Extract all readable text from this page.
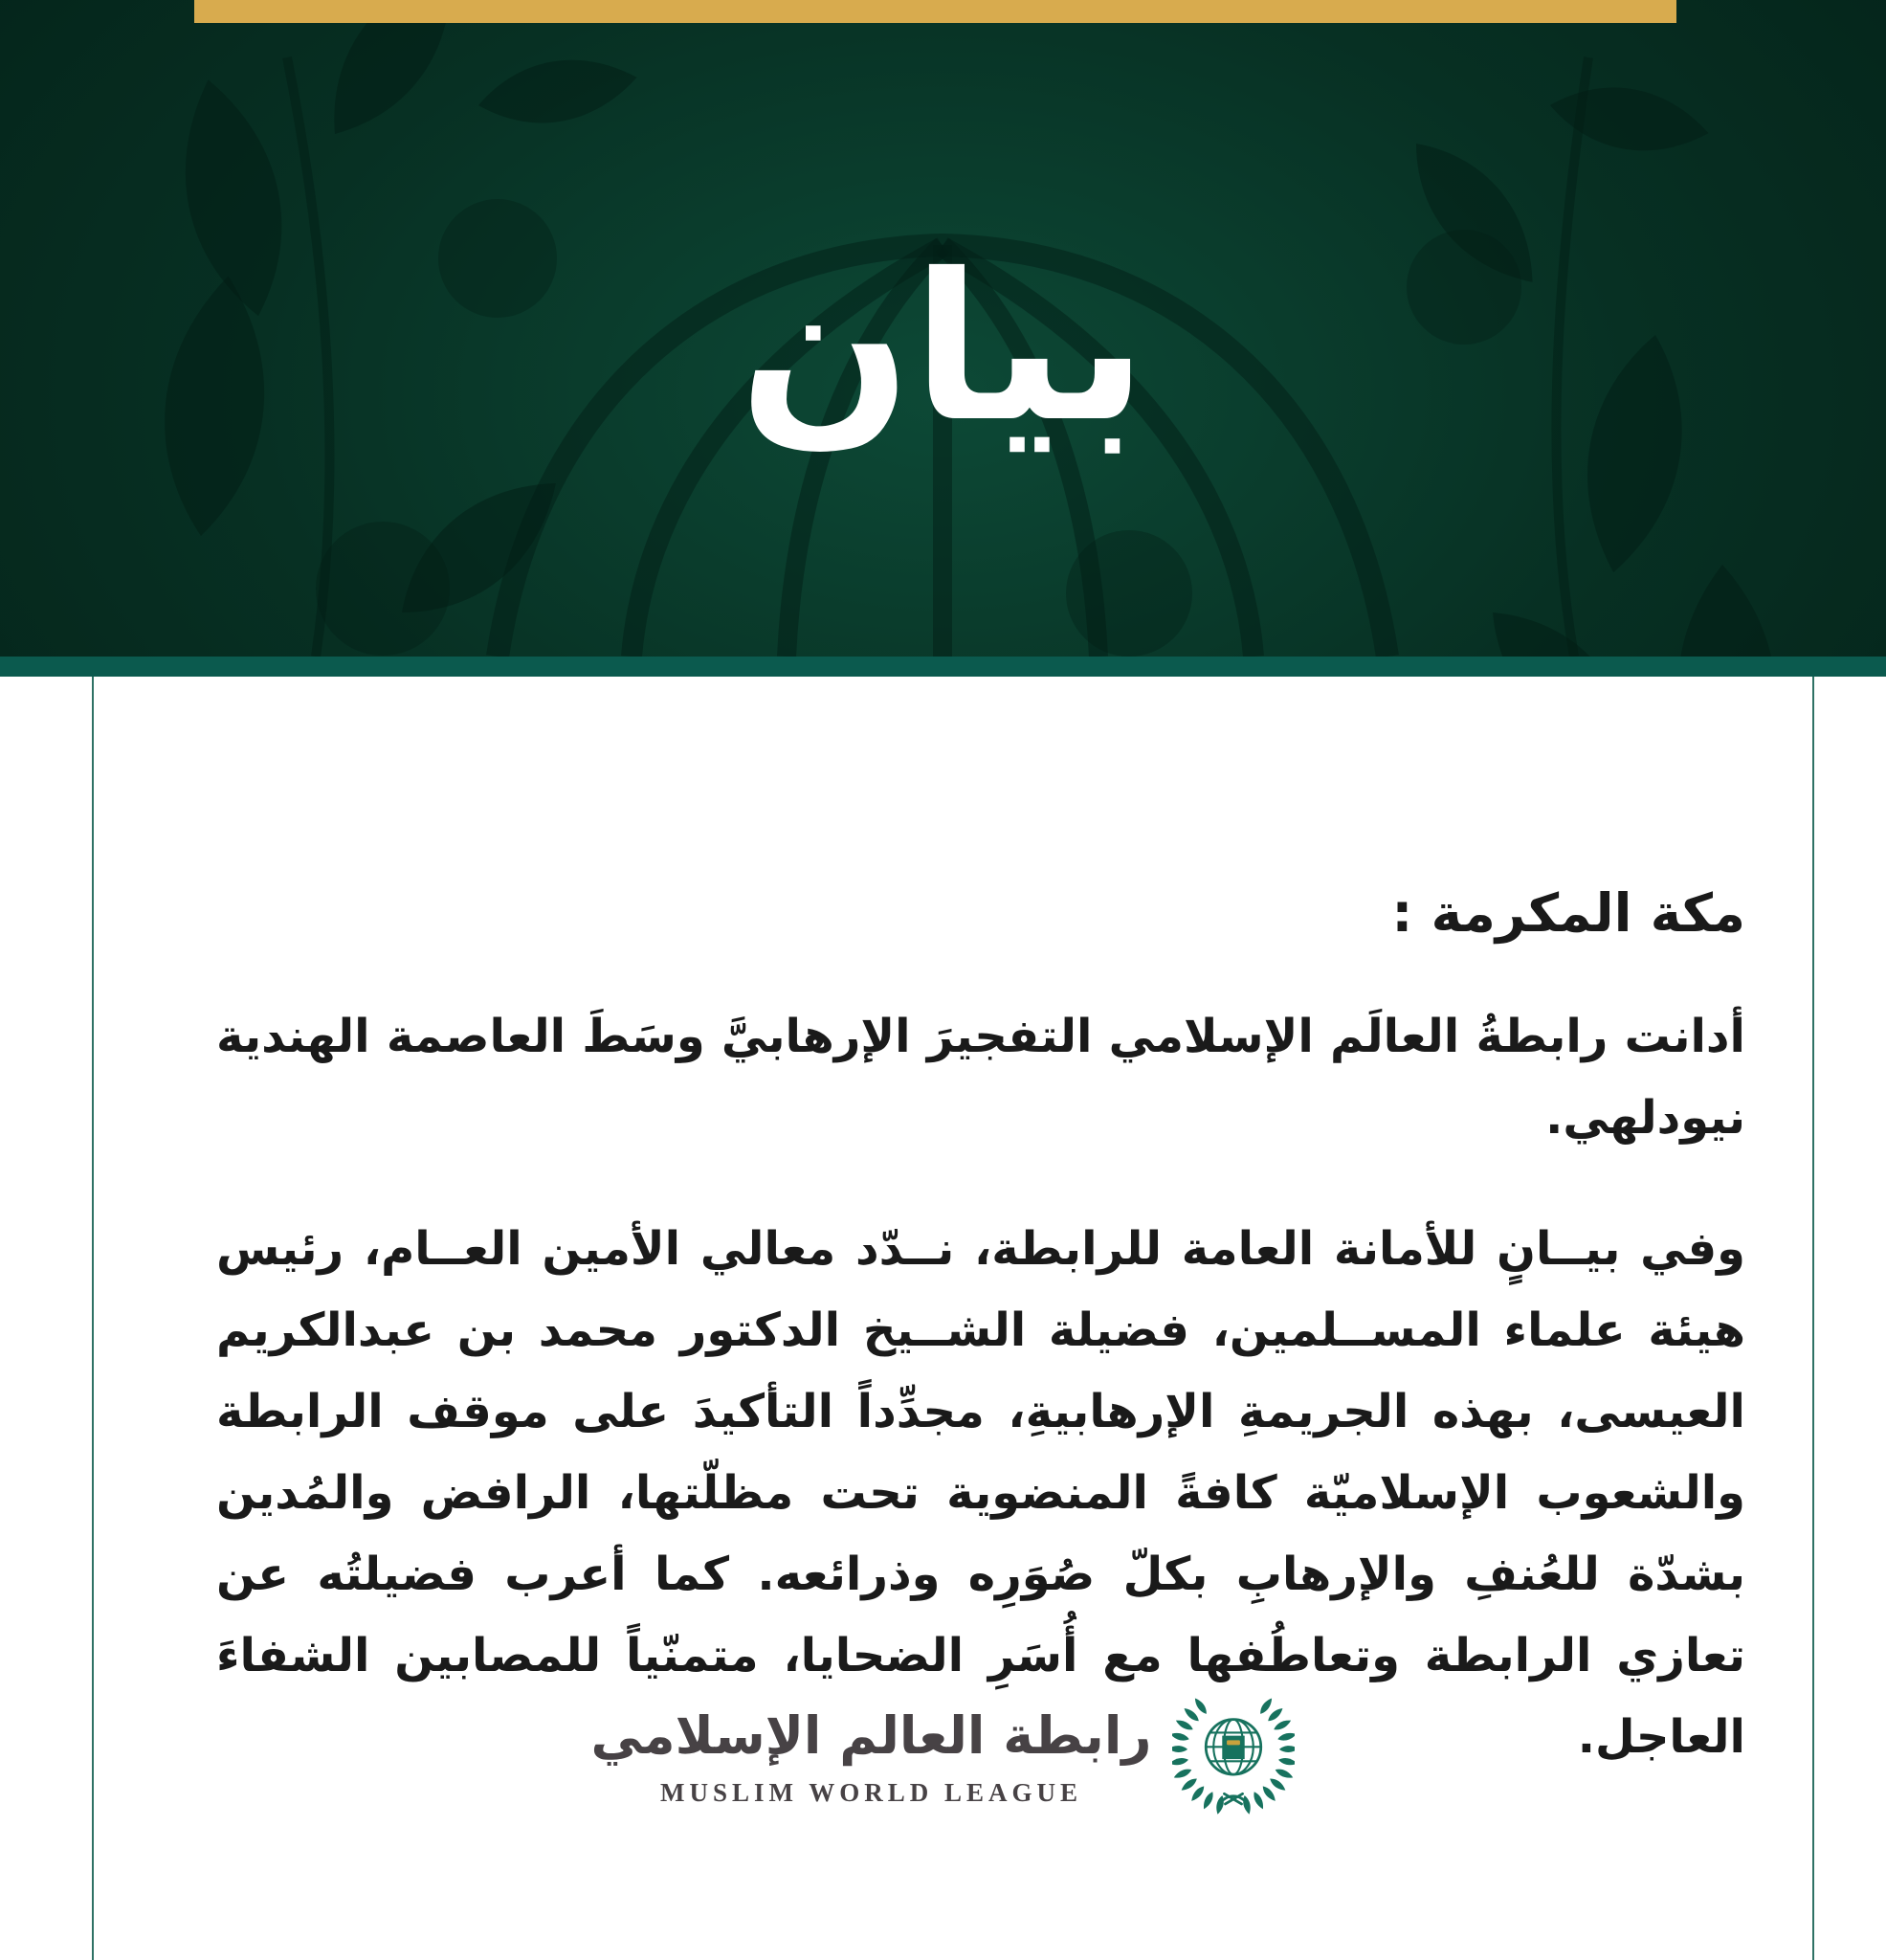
بيان
مكة المكرمة :

أدانت رابطةُ العالَم الإسلامي التفجيرَ الإرهابيَّ وسَطَ العاصمة الهندية نيودلهي.

وفي بيــانٍ للأمانة العامة للرابطة، نــدّد معالي الأمين العــام، رئيس هيئة علماء المســلمين، فضيلة الشــيخ الدكتور محمد بن عبدالكريم العيسى، بهذه الجريمةِ الإرهابيةِ، مجدِّداً التأكيدَ على موقف الرابطة والشعوب الإسلاميّة كافةً المنضوية تحت مظلّتها، الرافض والمُدين بشدّة للعُنفِ والإرهابِ بكلّ صُوَرِه وذرائعه. كما أعرب فضيلتُه عن تعازي الرابطة وتعاطُفها مع أُسَرِ الضحايا، متمنّياً للمصابين الشفاءَ العاجل.

رابطة العالم الإسلامي
MUSLIM WORLD LEAGUE
